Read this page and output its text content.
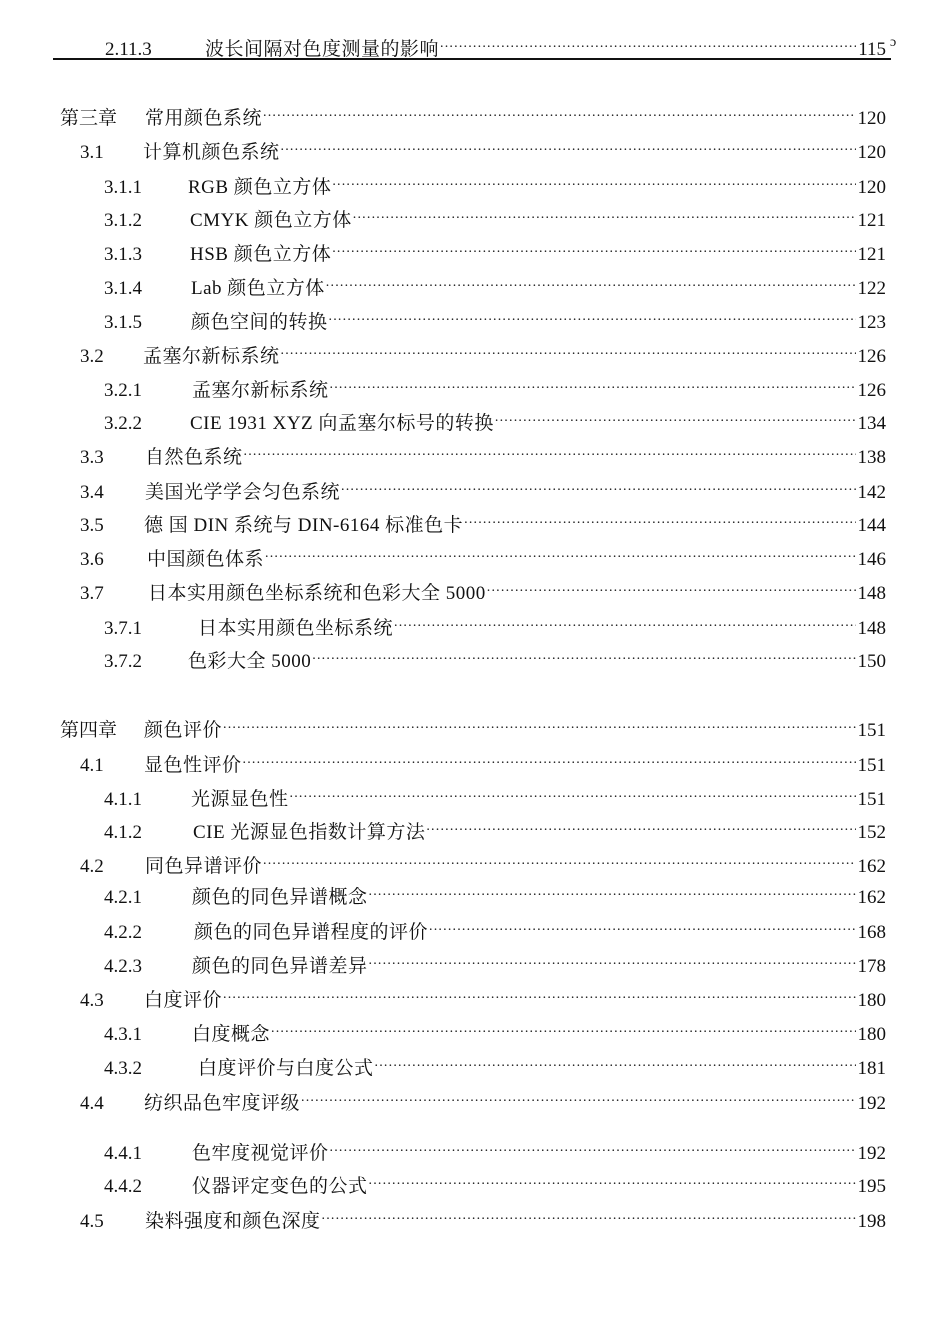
2.11.3	波长间隔对色度测量的影响 .....	115 ɔ
第三章	常用颜色系统 .....	120
3.1	计算机颜色系统 .....	120
3.1.1	RGB 颜色立方体 .....	120
3.1.2	CMYK 颜色立方体 .....	121
3.1.3	HSB 颜色立方体 .....	121
3.1.4	Lab 颜色立方体 .....	122
3.1.5	颜色空间的转换 .....	123
3.2	孟塞尔新标系统 .....	126
3.2.1	孟塞尔新标系统 .....	126
3.2.2	CIE 1931 XYZ 向孟塞尔标号的转换 .....	134
3.3	自然色系统 .....	138
3.4	美国光学学会匀色系统 .....	142
3.5	德 国 DIN 系统与 DIN-6164 标准色卡 .....	144
3.6	中国颜色体系 .....	146
3.7	日本实用颜色坐标系统和色彩大全 5000 .....	148
3.7.1	日本实用颜色坐标系统 .....	148
3.7.2	色彩大全 5000 .....	150
第四章	颜色评价 .....	151
4.1	显色性评价 .....	151
4.1.1	光源显色性 .....	151
4.1.2	CIE 光源显色指数计算方法 .....	152
4.2	同色异谱评价 .....	162
4.2.1	颜色的同色异谱概念 .....	162
4.2.2	颜色的同色异谱程度的评价 .....	168
4.2.3	颜色的同色异谱差异 .....	178
4.3	白度评价 .....	180
4.3.1	白度概念 .....	180
4.3.2	白度评价与白度公式 .....	181
4.4	纺织品色牢度评级 .....	192
4.4.1	色牢度视觉评价 .....	192
4.4.2	仪器评定变色的公式 .....	195
4.5	染料强度和颜色深度 .....	198
